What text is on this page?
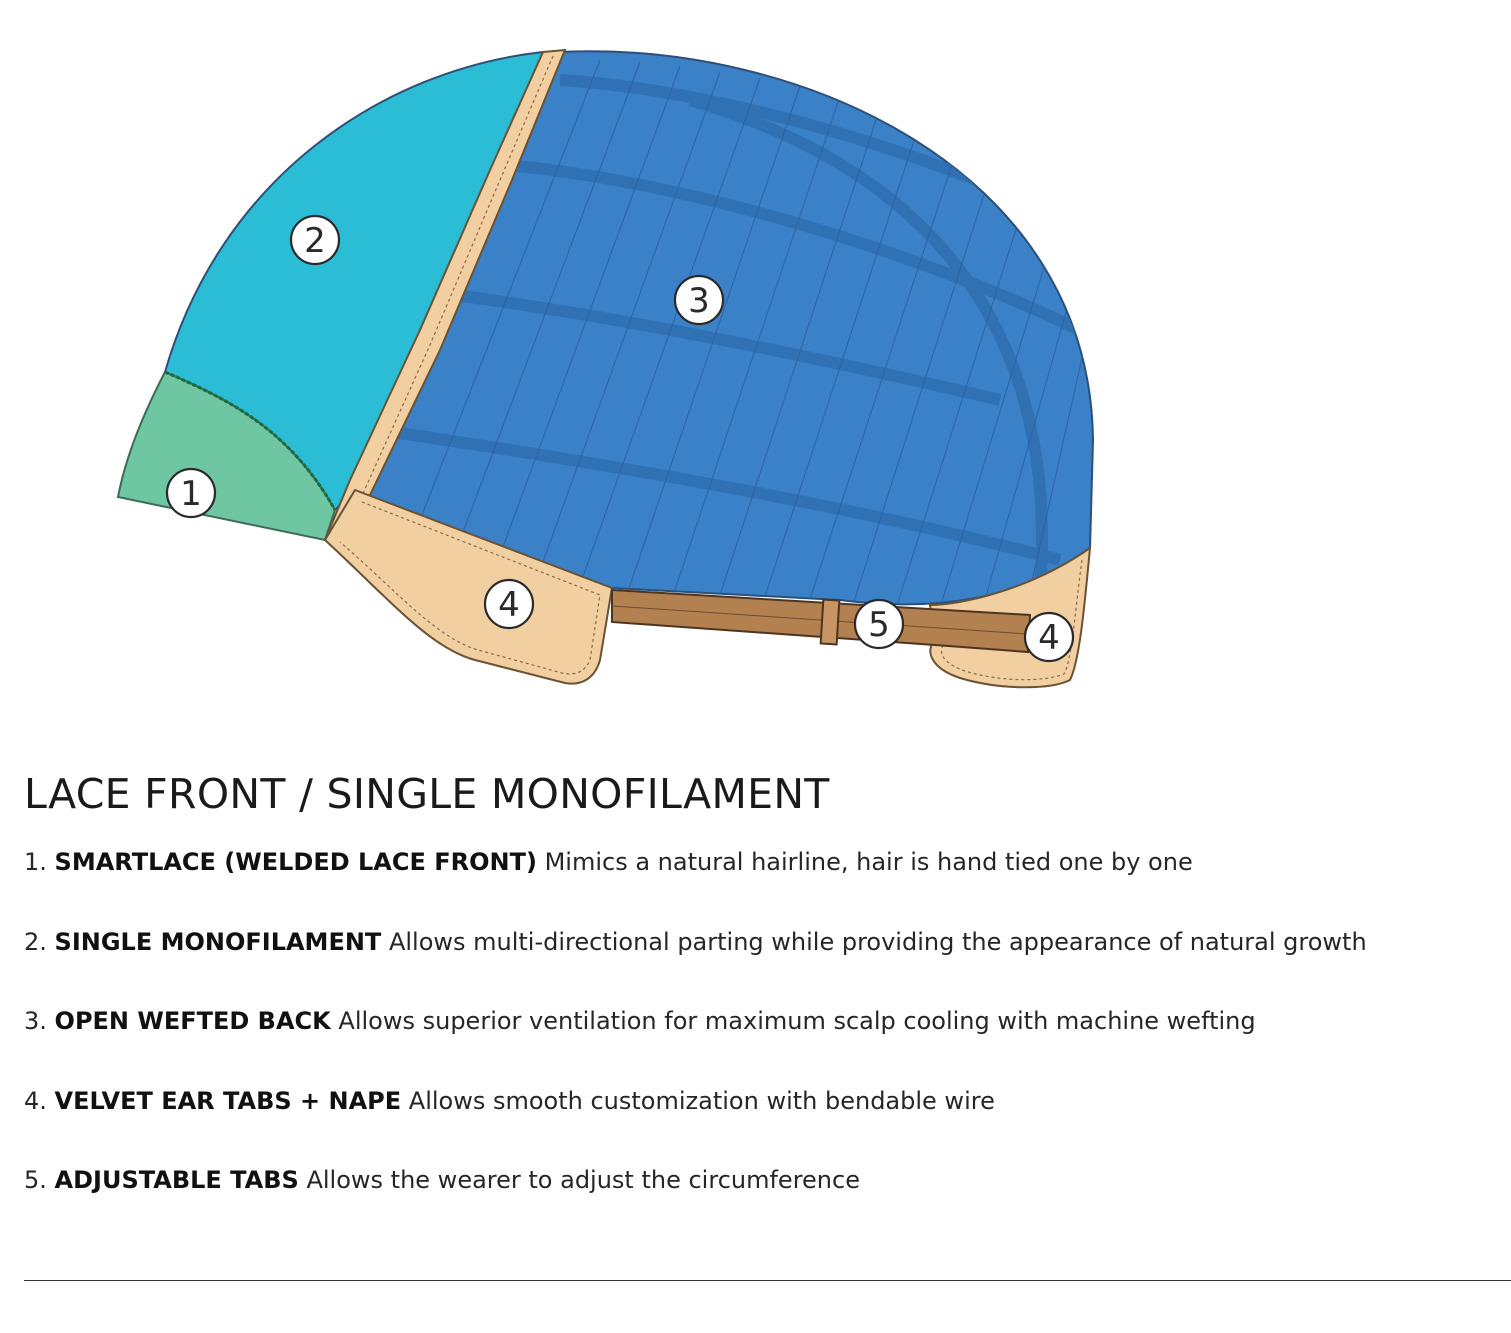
1
2
3
4	5	4
LACE FRONT / SINGLE MONOFILAMENT
1. SMARTLACE (WELDED LACE FRONT) Mimics a natural hairline, hair is hand tied one by one
2. SINGLE MONOFILAMENT Allows multi-directional parting while providing the appearance of natural growth
3. OPEN WEFTED BACK Allows superior ventilation for maximum scalp cooling with machine wefting
4. VELVET EAR TABS + NAPE Allows smooth customization with bendable wire
5. ADJUSTABLE TABS Allows the wearer to adjust the circumference
